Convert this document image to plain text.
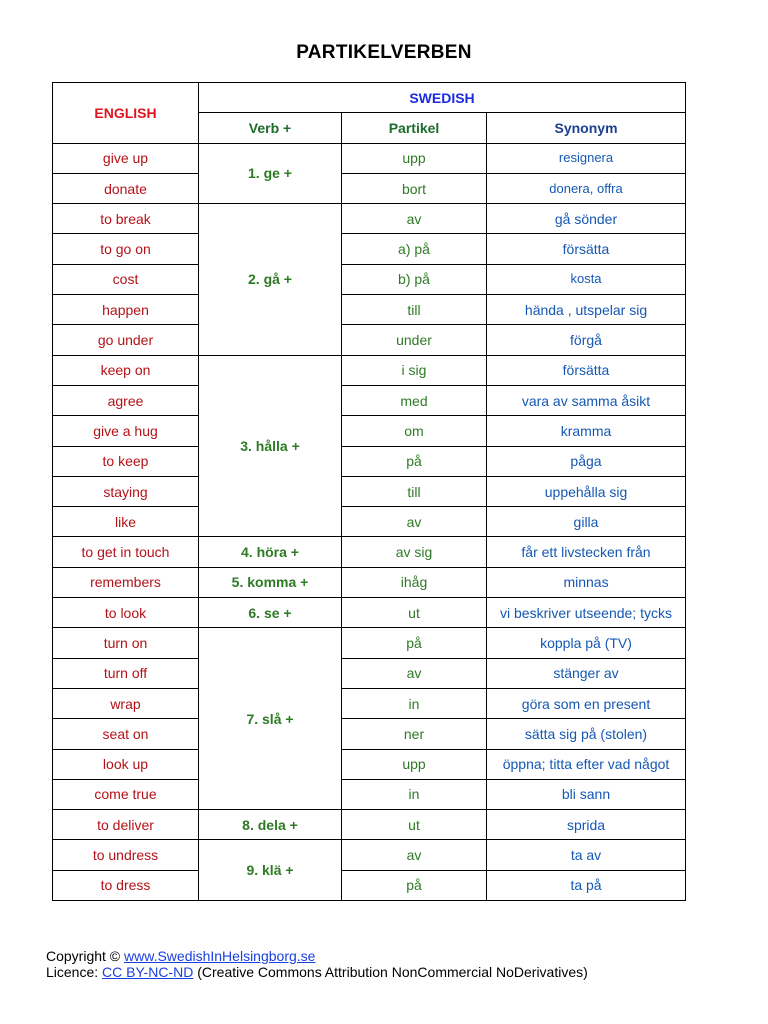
PARTIKELVERBEN
ENGLISH	SWEDISH		
	Verb +	Partikel	Synonym
give up	1. ge +	upp	resignera
donate		bort	donera, offra
to break	2. gå +	av	gå sönder
to go on		a) på	försätta
cost		b) på	kosta
happen		till	hända , utspelar sig
go under		under	förgå
keep on	3. hålla +	i sig	försätta
agree		med	vara av samma åsikt
give a hug		om	kramma
to keep		på	påga
staying		till	uppehålla sig
like		av	gilla
to get in touch	4. höra +	av sig	får ett livstecken från
remembers	5. komma +	ihåg	minnas
to look	6. se +	ut	vi beskriver utseende; tycks
turn on	7. slå +	på	koppla på (TV)
turn off		av	stänger av
wrap		in	göra som en present
seat on		ner	sätta sig på (stolen)
look up		upp	öppna; titta efter vad något
come true		in	bli sann
to deliver	8. dela +	ut	sprida
to undress	9. klä +	av	ta av
to dress		på	ta på
Copyright © www.SwedishInHelsingborg.se
Licence: CC BY-NC-ND (Creative Commons Attribution NonCommercial NoDerivatives)
